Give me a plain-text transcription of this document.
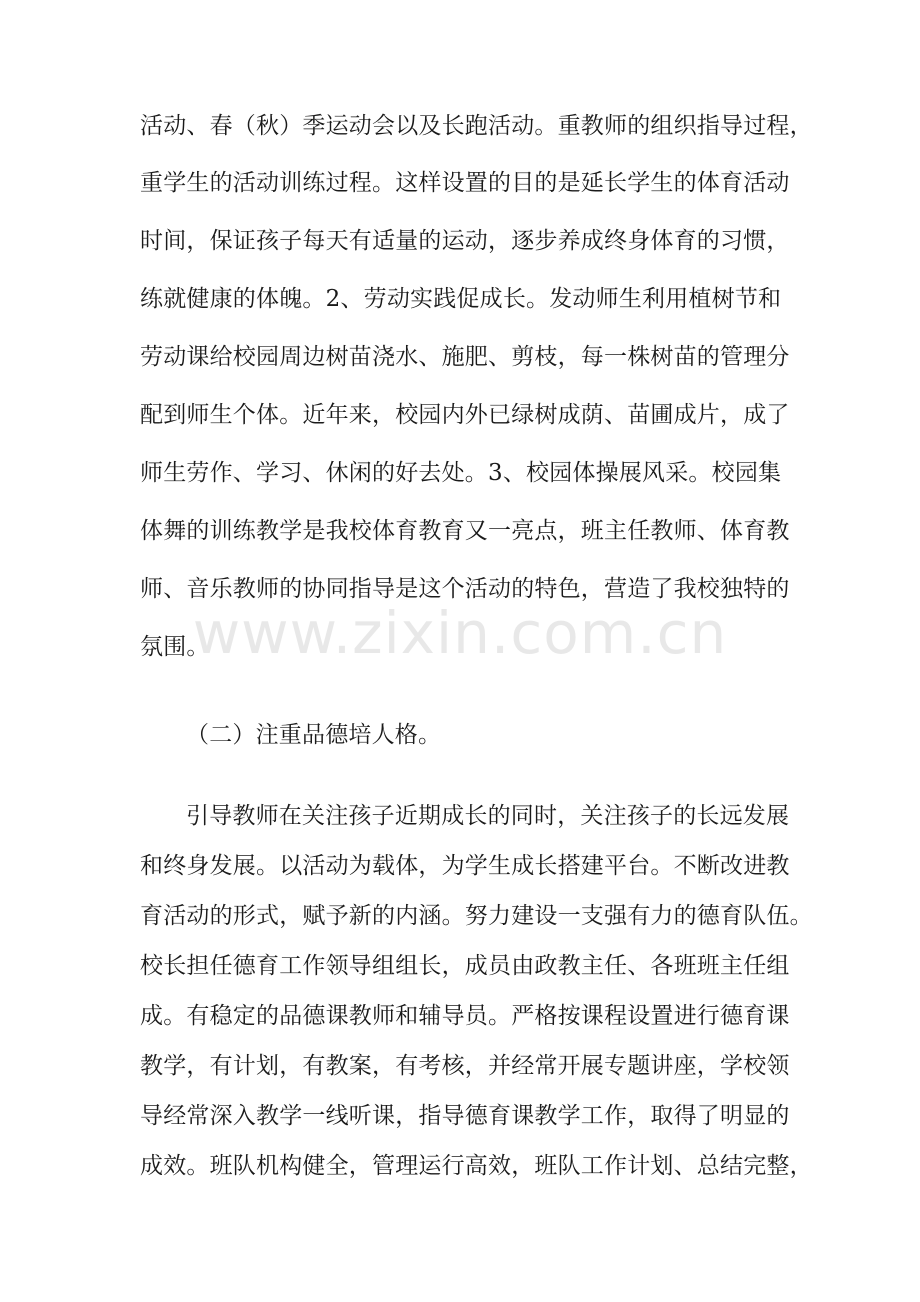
活动、春（秋）季运动会以及长跑活动。重教师的组织指导过程，
重学生的活动训练过程。这样设置的目的是延长学生的体育活动
时间，保证孩子每天有适量的运动，逐步养成终身体育的习惯，
练就健康的体魄。2、劳动实践促成长。发动师生利用植树节和
劳动课给校园周边树苗浇水、施肥、剪枝，每一株树苗的管理分
配到师生个体。近年来，校园内外已绿树成荫、苗圃成片，成了
师生劳作、学习、休闲的好去处。3、校园体操展风采。校园集
体舞的训练教学是我校体育教育又一亮点，班主任教师、体育教
师、音乐教师的协同指导是这个活动的特色，营造了我校独特的
氛围。
（二）注重品德培人格。
引导教师在关注孩子近期成长的同时，关注孩子的长远发展
和终身发展。以活动为载体，为学生成长搭建平台。不断改进教
育活动的形式，赋予新的内涵。努力建设一支强有力的德育队伍。
校长担任德育工作领导组组长，成员由政教主任、各班班主任组
成。有稳定的品德课教师和辅导员。严格按课程设置进行德育课
教学，有计划，有教案，有考核，并经常开展专题讲座，学校领
导经常深入教学一线听课，指导德育课教学工作，取得了明显的
成效。班队机构健全，管理运行高效，班队工作计划、总结完整，
www.zixin.com.cn
